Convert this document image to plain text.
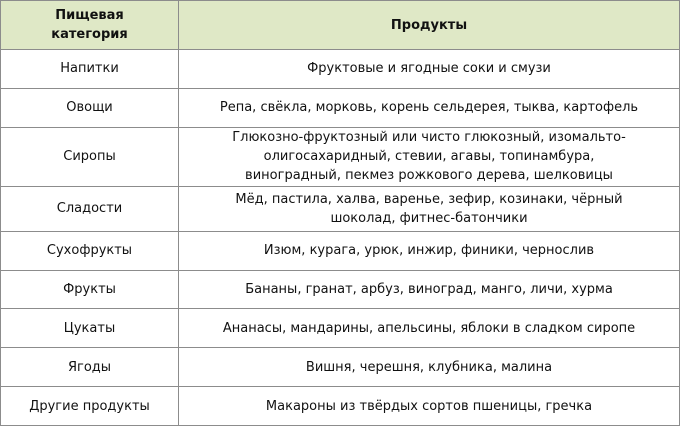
Пищевая
категория	Продукты
Напитки	Фруктовые и ягодные соки и смузи
Овощи	Репа, свёкла, морковь, корень сельдерея, тыква, картофель
Сиропы	Глюкозно-фруктозный или чисто глюкозный, изомальто-
олигосахаридный, стевии, агавы, топинамбура,
виноградный, пекмез рожкового дерева, шелковицы
Сладости	Мёд, пастила, халва, варенье, зефир, козинаки, чёрный
шоколад, фитнес-батончики
Сухофрукты	Изюм, курага, урюк, инжир, финики, чернослив
Фрукты	Бананы, гранат, арбуз, виноград, манго, личи, хурма
Цукаты	Ананасы, мандарины, апельсины, яблоки в сладком сиропе
Ягоды	Вишня, черешня, клубника, малина
Другие продукты	Макароны из твёрдых сортов пшеницы, гречка
